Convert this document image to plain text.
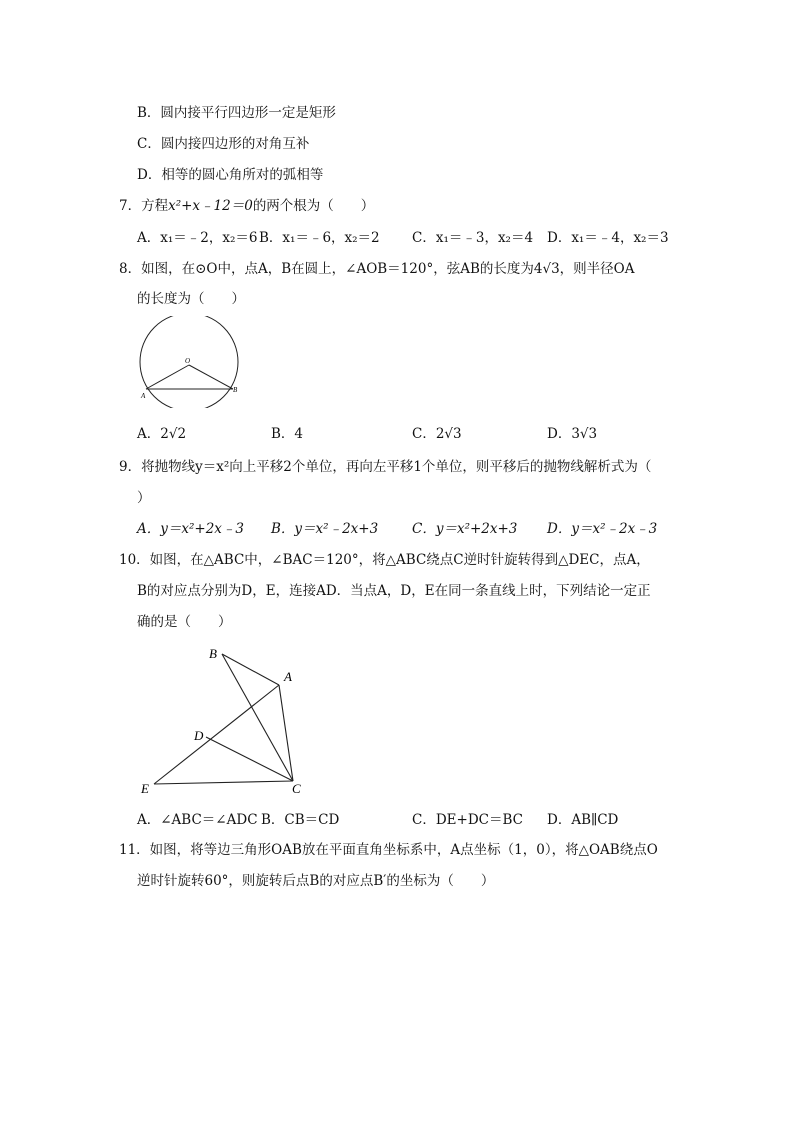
B．圆内接平行四边形一定是矩形
C．圆内接四边形的对角互补
D．相等的圆心角所对的弧相等
7．方程x²+x﹣12＝0的两个根为（　　）
A．x₁＝﹣2，x₂＝6 B．x₁＝﹣6，x₂＝2 C．x₁＝﹣3，x₂＝4 D．x₁＝﹣4，x₂＝3
8．如图，在⊙O中，点A，B在圆上，∠AOB＝120°，弦AB的长度为4√3，则半径OA
的长度为（　　）
O
A
B
A．2√2	B．4	C．2√3	D．3√3
9．将抛物线y＝x²向上平移2个单位，再向左平移1个单位，则平移后的抛物线解析式为（
）
A．y＝x²+2x﹣3 B．y＝x²﹣2x+3	C．y＝x²+2x+3 D．y＝x²﹣2x﹣3
10．如图，在△ABC中，∠BAC＝120°，将△ABC绕点C逆时针旋转得到△DEC，点A，
B的对应点分别为D，E，连接AD．当点A，D，E在同一条直线上时，下列结论一定正
确的是（　　）
B
A
D
E	C
A．∠ABC＝∠ADC B．CB＝CD	C．DE+DC＝BC D．AB∥CD
11．如图，将等边三角形OAB放在平面直角坐标系中，A点坐标（1，0），将△OAB绕点O
逆时针旋转60°，则旋转后点B的对应点B′的坐标为（　　）
